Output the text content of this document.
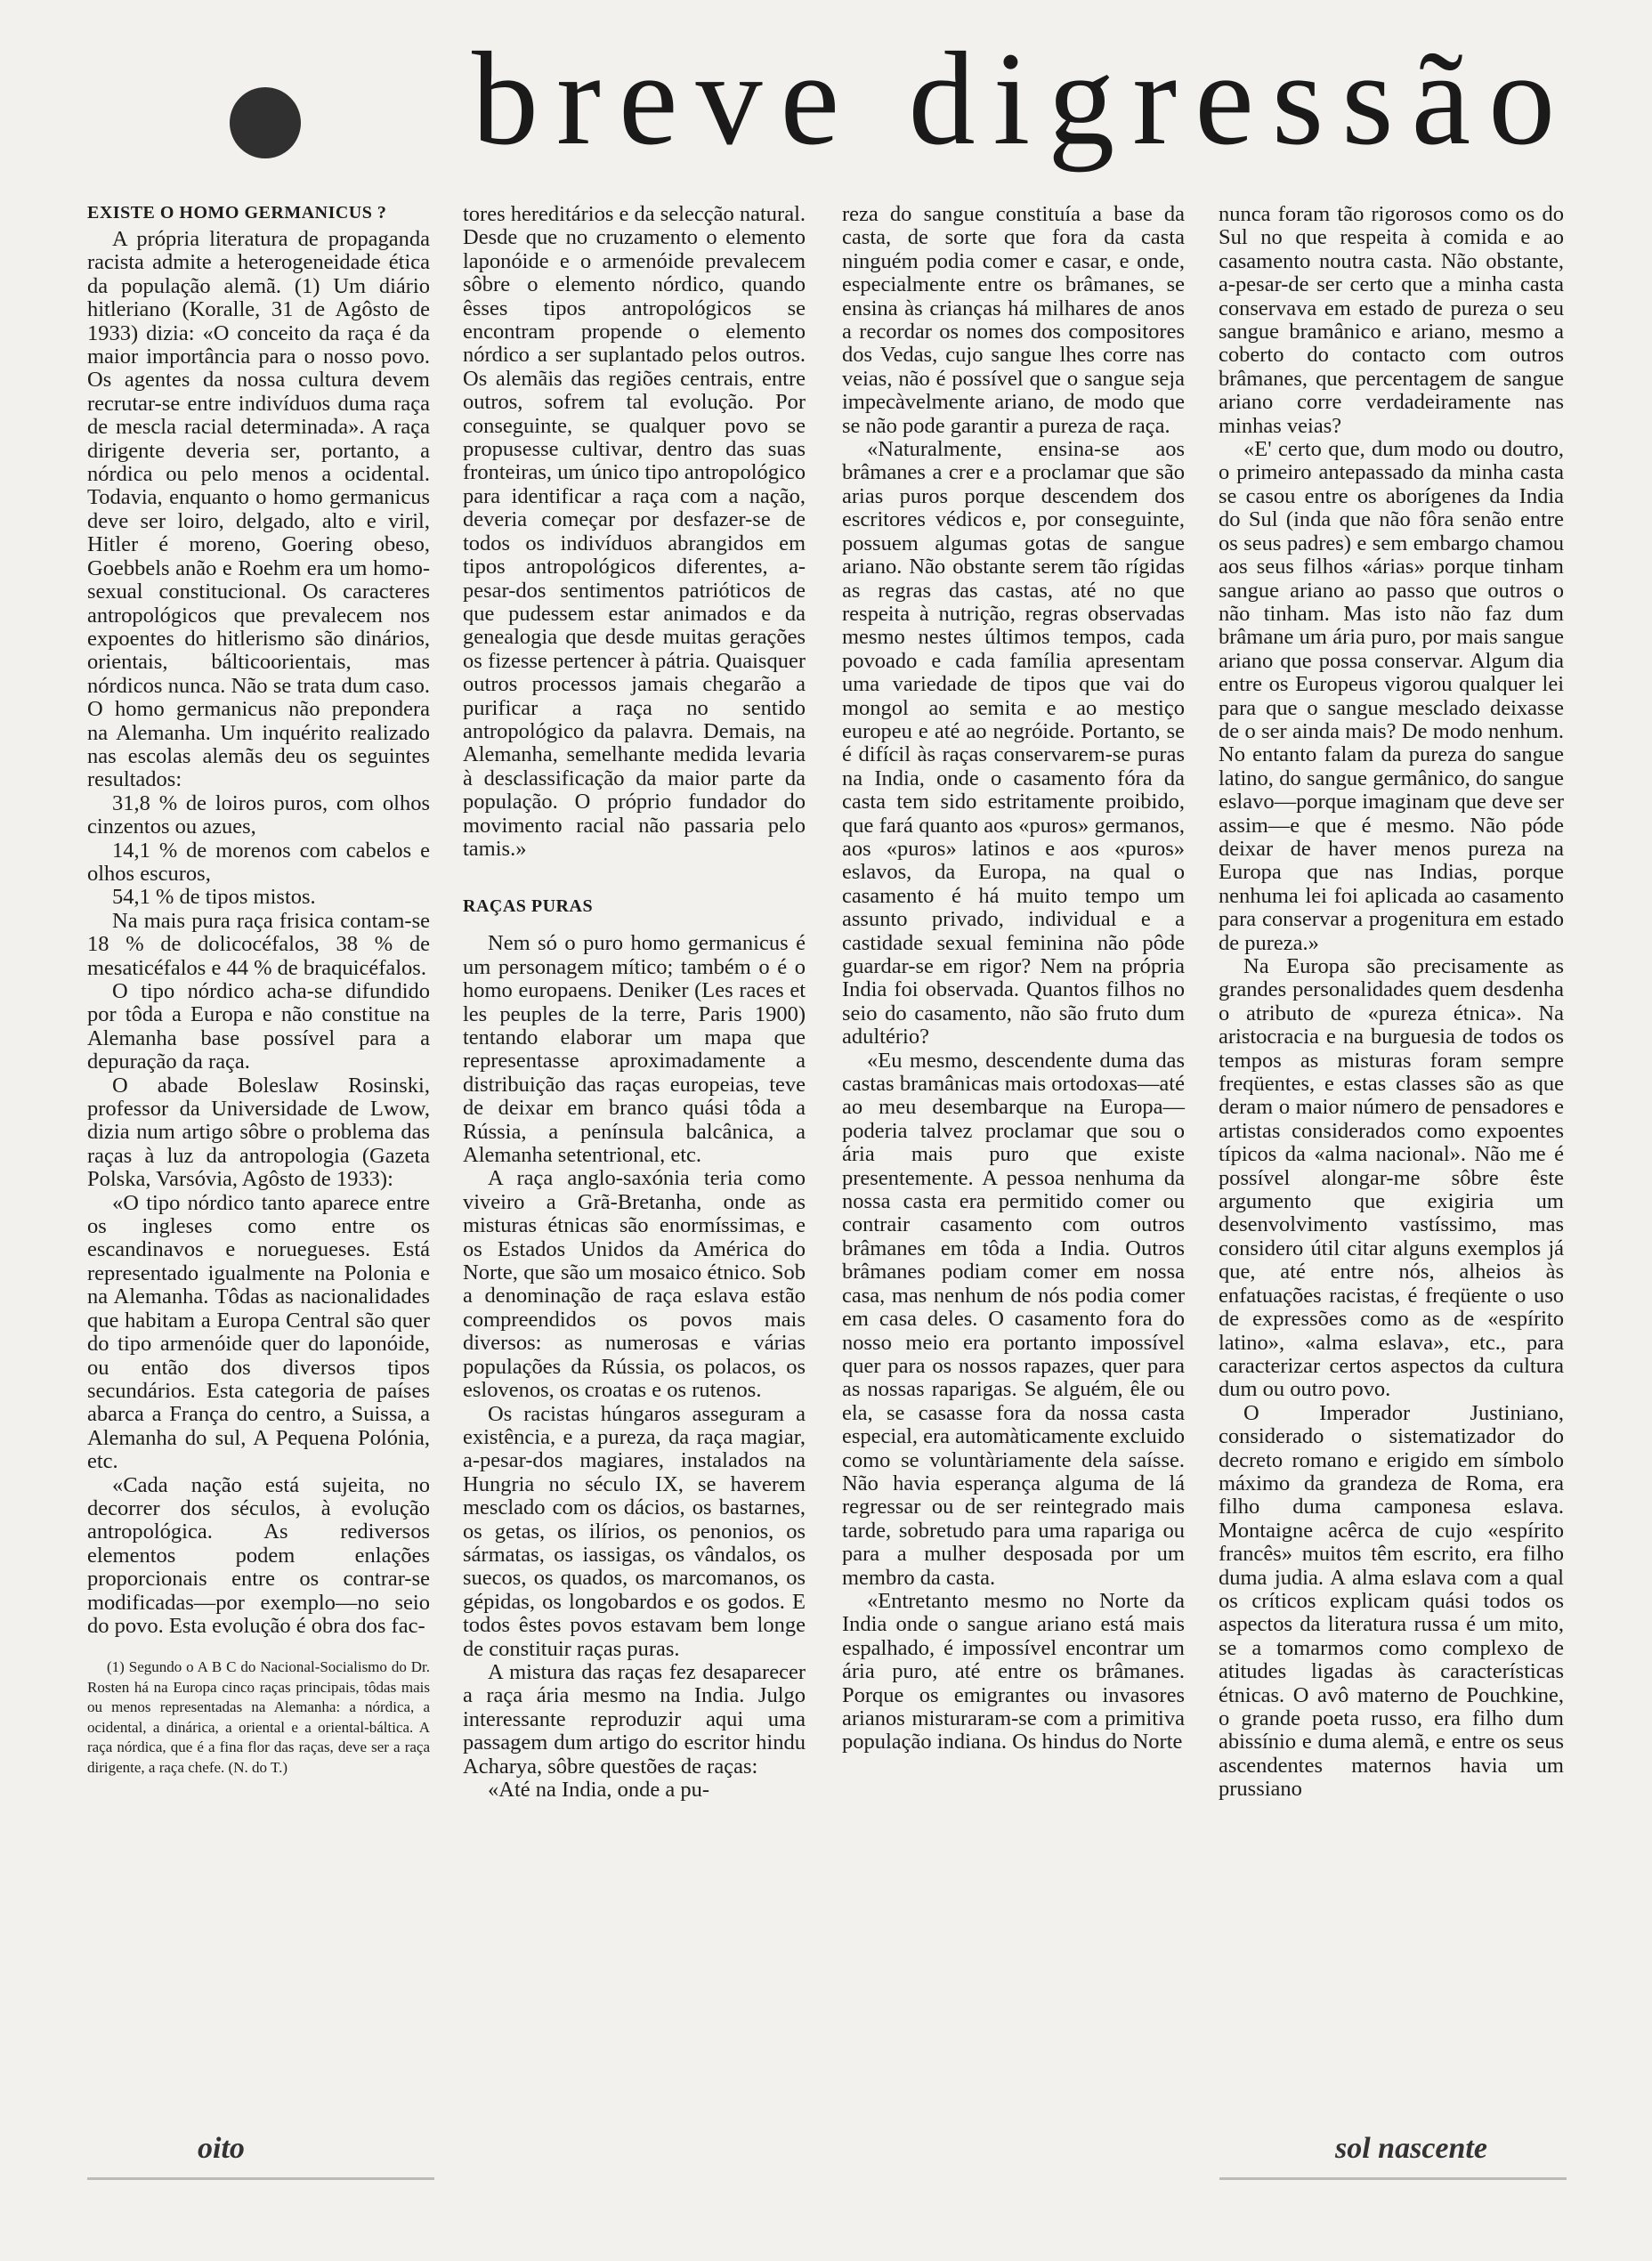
breve digressão
EXISTE O HOMO GERMANICUS ?

A própria literatura de propaganda racista admite a heterogeneidade ética da população alemã. (1) Um diário hitleriano (Koralle, 31 de Agôsto de 1933) dizia: «O conceito da raça é da maior importância para o nosso povo. Os agentes da nossa cultura devem recrutar-se entre indivíduos duma raça de mescla racial determinada». A raça dirigente deveria ser, portanto, a nórdica ou pelo menos a ocidental. Todavia, enquanto o homo germanicus deve ser loiro, delgado, alto e viril, Hitler é moreno, Goering obeso, Goebbels anão e Roehm era um homo-sexual constitucional. Os caracteres antropológicos que prevalecem nos expoentes do hitlerismo são dinários, orientais, bálticoorientais, mas nórdicos nunca. Não se trata dum caso. O homo germanicus não prepondera na Alemanha. Um inquérito realizado nas escolas alemãs deu os seguintes resultados:

31,8 % de loiros puros, com olhos cinzentos ou azues,

14,1 % de morenos com cabelos e olhos escuros,

54,1 % de tipos mistos.

Na mais pura raça frisica contam-se 18 % de dolicocéfalos, 38 % de mesaticéfalos e 44 % de braquicéfalos.

O tipo nórdico acha-se difundido por tôda a Europa e não constitue na Alemanha base possível para a depuração da raça.

O abade Boleslaw Rosinski, professor da Universidade de Lwow, dizia num artigo sôbre o problema das raças à luz da antropologia (Gazeta Polska, Varsóvia, Agôsto de 1933):

«O tipo nórdico tanto aparece entre os ingleses como entre os escandinavos e noruegueses. Está representado igualmente na Polonia e na Alemanha. Tôdas as nacionalidades que habitam a Europa Central são quer do tipo armenóide quer do laponóide, ou então dos diversos tipos secundários. Esta categoria de países abarca a França do centro, a Suissa, a Alemanha do sul, A Pequena Polónia, etc.

«Cada nação está sujeita, no decorrer dos séculos, à evolução antropológica. As rediversos elementos podem enlações proporcionais entre os contrar-se modificadas—por exemplo—no seio do povo. Esta evolução é obra dos fac-

(1) Segundo o A B C do Nacional-Socialismo do Dr. Rosten há na Europa cinco raças principais, tôdas mais ou menos representadas na Alemanha: a nórdica, a ocidental, a dinárica, a oriental e a oriental-báltica. A raça nórdica, que é a fina flor das raças, deve ser a raça dirigente, a raça chefe. (N. do T.)

tores hereditários e da selecção natural. Desde que no cruzamento o elemento laponóide e o armenóide prevalecem sôbre o elemento nórdico, quando êsses tipos antropológicos se encontram propende o elemento nórdico a ser suplantado pelos outros. Os alemãis das regiões centrais, entre outros, sofrem tal evolução. Por conseguinte, se qualquer povo se propusesse cultivar, dentro das suas fronteiras, um único tipo antropológico para identificar a raça com a nação, deveria começar por desfazer-se de todos os indivíduos abrangidos em tipos antropológicos diferentes, a-pesar-dos sentimentos patrióticos de que pudessem estar animados e da genealogia que desde muitas gerações os fizesse pertencer à pátria. Quaisquer outros processos jamais chegarão a purificar a raça no sentido antropológico da palavra. Demais, na Alemanha, semelhante medida levaria à desclassificação da maior parte da população. O próprio fundador do movimento racial não passaria pelo tamis.»

RAÇAS PURAS

Nem só o puro homo germanicus é um personagem mítico; também o é o homo europaens. Deniker (Les races et les peuples de la terre, Paris 1900) tentando elaborar um mapa que representasse aproximadamente a distribuição das raças europeias, teve de deixar em branco quási tôda a Rússia, a península balcânica, a Alemanha setentrional, etc.

A raça anglo-saxónia teria como viveiro a Grã-Bretanha, onde as misturas étnicas são enormíssimas, e os Estados Unidos da América do Norte, que são um mosaico étnico. Sob a denominação de raça eslava estão compreendidos os povos mais diversos: as numerosas e várias populações da Rússia, os polacos, os eslovenos, os croatas e os rutenos.

Os racistas húngaros asseguram a existência, e a pureza, da raça magiar, a-pesar-dos magiares, instalados na Hungria no século IX, se haverem mesclado com os dácios, os bastarnes, os getas, os ilírios, os penonios, os sármatas, os iassigas, os vândalos, os suecos, os quados, os marcomanos, os gépidas, os longobardos e os godos. E todos êstes povos estavam bem longe de constituir raças puras.

A mistura das raças fez desaparecer a raça ária mesmo na India. Julgo interessante reproduzir aqui uma passagem dum artigo do escritor hindu Acharya, sôbre questões de raças:

«Até na India, onde a pu-

reza do sangue constituía a base da casta, de sorte que fora da casta ninguém podia comer e casar, e onde, especialmente entre os brâmanes, se ensina às crianças há milhares de anos a recordar os nomes dos compositores dos Vedas, cujo sangue lhes corre nas veias, não é possível que o sangue seja impecàvelmente ariano, de modo que se não pode garantir a pureza de raça.

«Naturalmente, ensina-se aos brâmanes a crer e a proclamar que são arias puros porque descendem dos escritores védicos e, por conseguinte, possuem algumas gotas de sangue ariano. Não obstante serem tão rígidas as regras das castas, até no que respeita à nutrição, regras observadas mesmo nestes últimos tempos, cada povoado e cada família apresentam uma variedade de tipos que vai do mongol ao semita e ao mestiço europeu e até ao negróide. Portanto, se é difícil às raças conservarem-se puras na India, onde o casamento fóra da casta tem sido estritamente proibido, que fará quanto aos «puros» germanos, aos «puros» latinos e aos «puros» eslavos, da Europa, na qual o casamento é há muito tempo um assunto privado, individual e a castidade sexual feminina não pôde guardar-se em rigor? Nem na própria India foi observada. Quantos filhos no seio do casamento, não são fruto dum adultério?

«Eu mesmo, descendente duma das castas bramânicas mais ortodoxas—até ao meu desembarque na Europa—poderia talvez proclamar que sou o ária mais puro que existe presentemente. A pessoa nenhuma da nossa casta era permitido comer ou contrair casamento com outros brâmanes em tôda a India. Outros brâmanes podiam comer em nossa casa, mas nenhum de nós podia comer em casa deles. O casamento fora do nosso meio era portanto impossível quer para os nossos rapazes, quer para as nossas raparigas. Se alguém, êle ou ela, se casasse fora da nossa casta especial, era automàticamente excluido como se voluntàriamente dela saísse. Não havia esperança alguma de lá regressar ou de ser reintegrado mais tarde, sobretudo para uma rapariga ou para a mulher desposada por um membro da casta.

«Entretanto mesmo no Norte da India onde o sangue ariano está mais espalhado, é impossível encontrar um ária puro, até entre os brâmanes. Porque os emigrantes ou invasores arianos misturaram-se com a primitiva população indiana. Os hindus do Norte

nunca foram tão rigorosos como os do Sul no que respeita à comida e ao casamento noutra casta. Não obstante, a-pesar-de ser certo que a minha casta conservava em estado de pureza o seu sangue bramânico e ariano, mesmo a coberto do contacto com outros brâmanes, que percentagem de sangue ariano corre verdadeiramente nas minhas veias?

«E' certo que, dum modo ou doutro, o primeiro antepassado da minha casta se casou entre os aborígenes da India do Sul (inda que não fôra senão entre os seus padres) e sem embargo chamou aos seus filhos «árias» porque tinham sangue ariano ao passo que outros o não tinham. Mas isto não faz dum brâmane um ária puro, por mais sangue ariano que possa conservar. Algum dia entre os Europeus vigorou qualquer lei para que o sangue mesclado deixasse de o ser ainda mais? De modo nenhum. No entanto falam da pureza do sangue latino, do sangue germânico, do sangue eslavo—porque imaginam que deve ser assim—e que é mesmo. Não póde deixar de haver menos pureza na Europa que nas Indias, porque nenhuma lei foi aplicada ao casamento para conservar a progenitura em estado de pureza.»

Na Europa são precisamente as grandes personalidades quem desdenha o atributo de «pureza étnica». Na aristocracia e na burguesia de todos os tempos as misturas foram sempre freqüentes, e estas classes são as que deram o maior número de pensadores e artistas considerados como expoentes típicos da «alma nacional». Não me é possível alongar-me sôbre êste argumento que exigiria um desenvolvimento vastíssimo, mas considero útil citar alguns exemplos já que, até entre nós, alheios às enfatuações racistas, é freqüente o uso de expressões como as de «espírito latino», «alma eslava», etc., para caracterizar certos aspectos da cultura dum ou outro povo.

O Imperador Justiniano, considerado o sistematizador do decreto romano e erigido em símbolo máximo da grandeza de Roma, era filho duma camponesa eslava. Montaigne acêrca de cujo «espírito francês» muitos têm escrito, era filho duma judia. A alma eslava com a qual os críticos explicam quási todos os aspectos da literatura russa é um mito, se a tomarmos como complexo de atitudes ligadas às características étnicas. O avô materno de Pouchkine, o grande poeta russo, era filho dum abissínio e duma alemã, e entre os seus ascendentes maternos havia um prussiano

oito	sol nascente
